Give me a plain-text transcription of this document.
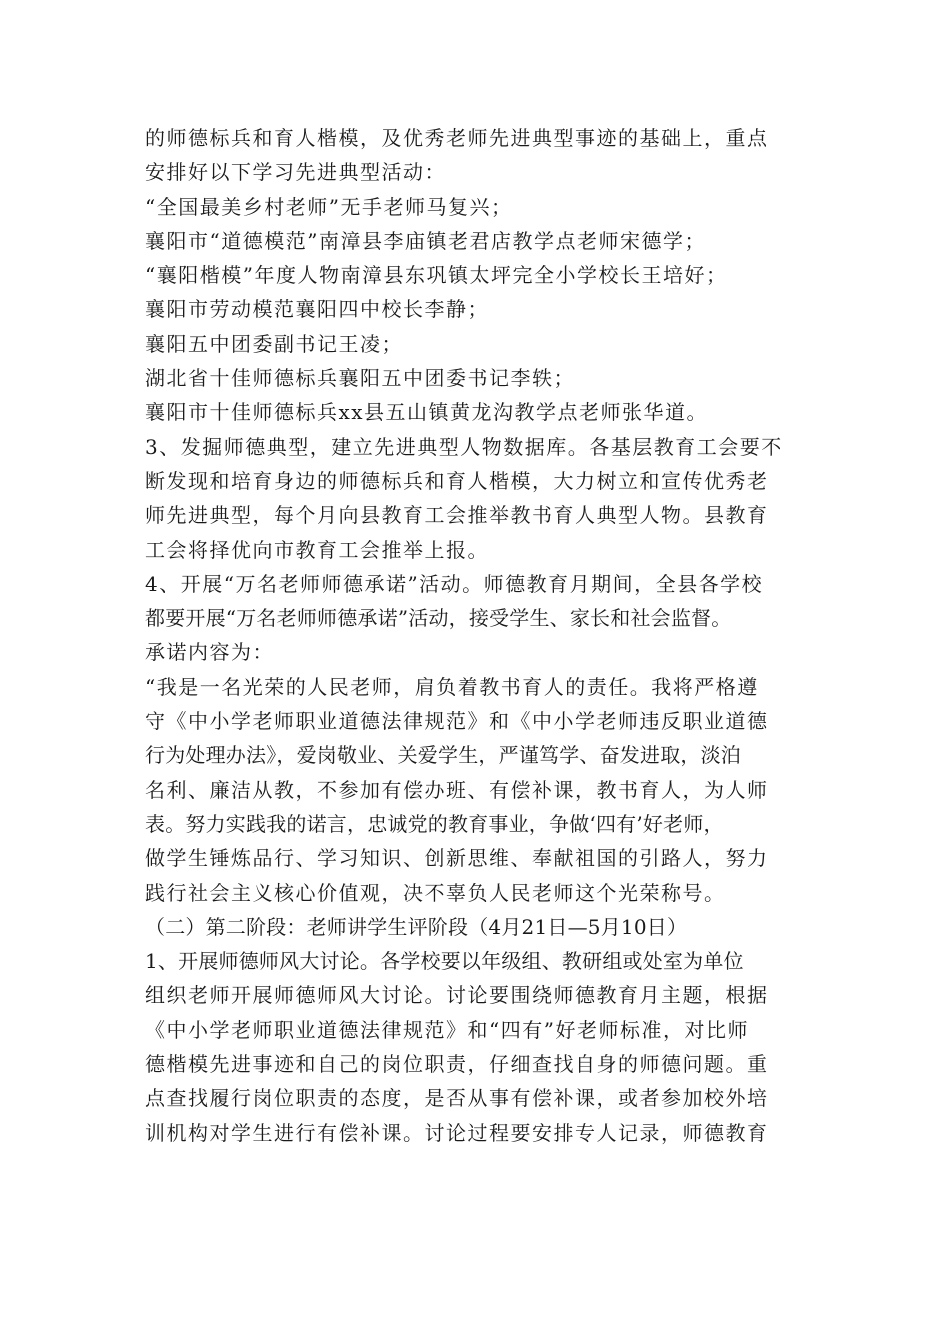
的师德标兵和育人楷模，及优秀老师先进典型事迹的基础上，重点
安排好以下学习先进典型活动：
“全国最美乡村老师”无手老师马复兴；
襄阳市“道德模范”南漳县李庙镇老君店教学点老师宋德学；
“襄阳楷模”年度人物南漳县东巩镇太坪完全小学校长王培好；
襄阳市劳动模范襄阳四中校长李静；
襄阳五中团委副书记王凌；
湖北省十佳师德标兵襄阳五中团委书记李轶；
襄阳市十佳师德标兵xx县五山镇黄龙沟教学点老师张华道。
3、发掘师德典型，建立先进典型人物数据库。各基层教育工会要不
断发现和培育身边的师德标兵和育人楷模，大力树立和宣传优秀老
师先进典型，每个月向县教育工会推举教书育人典型人物。县教育
工会将择优向市教育工会推举上报。
4、开展“万名老师师德承诺”活动。师德教育月期间，全县各学校
都要开展“万名老师师德承诺”活动，接受学生、家长和社会监督。
承诺内容为：
“我是一名光荣的人民老师，肩负着教书育人的责任。我将严格遵
守《中小学老师职业道德法律规范》和《中小学老师违反职业道德
行为处理办法》，爱岗敬业、关爱学生，严谨笃学、奋发进取，淡泊
名利、廉洁从教，不参加有偿办班、有偿补课，教书育人，为人师
表。努力实践我的诺言，忠诚党的教育事业，争做‘四有’好老师，
做学生锤炼品行、学习知识、创新思维、奉献祖国的引路人，努力
践行社会主义核心价值观，决不辜负人民老师这个光荣称号。
（二）第二阶段：老师讲学生评阶段（4月21日—5月10日）
1、开展师德师风大讨论。各学校要以年级组、教研组或处室为单位
组织老师开展师德师风大讨论。讨论要围绕师德教育月主题，根据
《中小学老师职业道德法律规范》和“四有”好老师标准，对比师
德楷模先进事迹和自己的岗位职责，仔细查找自身的师德问题。重
点查找履行岗位职责的态度，是否从事有偿补课，或者参加校外培
训机构对学生进行有偿补课。讨论过程要安排专人记录，师德教育
